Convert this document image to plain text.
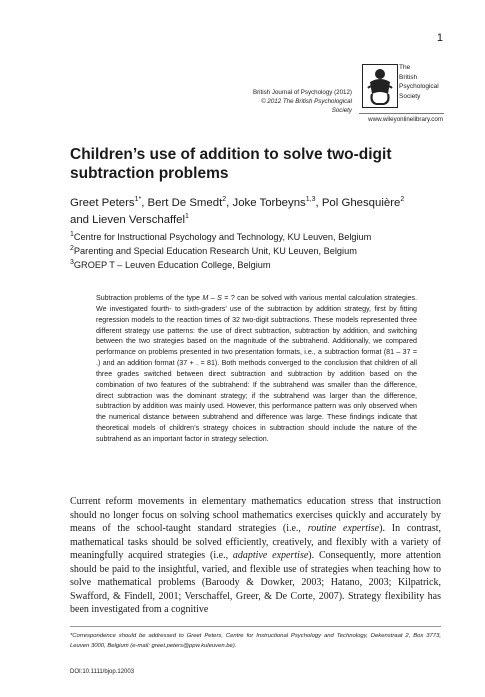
1
British Journal of Psychology (2012)
© 2012 The British Psychological Society
The
British
Psychological
Society
www.wileyonlinelibrary.com
Children’s use of addition to solve two-digit subtraction problems
Greet Peters$^{1*}$, Bert De Smedt$^2$, Joke Torbeyns$^{1,3}$, Pol Ghesquière$^2$
and Lieven Verschaffel$^1$
$^1$Centre for Instructional Psychology and Technology, KU Leuven, Belgium
$^2$Parenting and Special Education Research Unit, KU Leuven, Belgium
$^3$GROEP T – Leuven Education College, Belgium
Subtraction problems of the type M – S = ? can be solved with various mental calculation strategies. We investigated fourth- to sixth-graders’ use of the subtraction by addition strategy, first by fitting regression models to the reaction times of 32 two-digit subtractions. These models represented three different strategy use patterns: the use of direct subtraction, subtraction by addition, and switching between the two strategies based on the magnitude of the subtrahend. Additionally, we compared performance on problems presented in two presentation formats, i.e., a subtraction format (81 – 37 = .) and an addition format (37 + . = 81). Both methods converged to the conclusion that children of all three grades switched between direct subtraction and subtraction by addition based on the combination of two features of the subtrahend: If the subtrahend was smaller than the difference, direct subtraction was the dominant strategy; if the subtrahend was larger than the difference, subtraction by addition was mainly used. However, this performance pattern was only observed when the numerical distance between subtrahend and difference was large. These findings indicate that theoretical models of children’s strategy choices in subtraction should include the nature of the subtrahend as an important factor in strategy selection.
Current reform movements in elementary mathematics education stress that instruction should no longer focus on solving school mathematics exercises quickly and accurately by means of the school-taught standard strategies (i.e., routine expertise). In contrast, mathematical tasks should be solved efficiently, creatively, and flexibly with a variety of meaningfully acquired strategies (i.e., adaptive expertise). Consequently, more attention should be paid to the insightful, varied, and flexible use of strategies when teaching how to solve mathematical problems (Baroody & Dowker, 2003; Hatano, 2003; Kilpatrick, Swafford, & Findell, 2001; Verschaffel, Greer, & De Corte, 2007). Strategy flexibility has been investigated from a cognitive
*Correspondence should be addressed to Greet Peters, Centre for Instructional Psychology and Technology, Dekenstraat 2, Box 3773, Leuven 3000, Belgium (e-mail: greet.peters@ppw.kuleuven.be).
DOI:10.1111/bjop.12003
